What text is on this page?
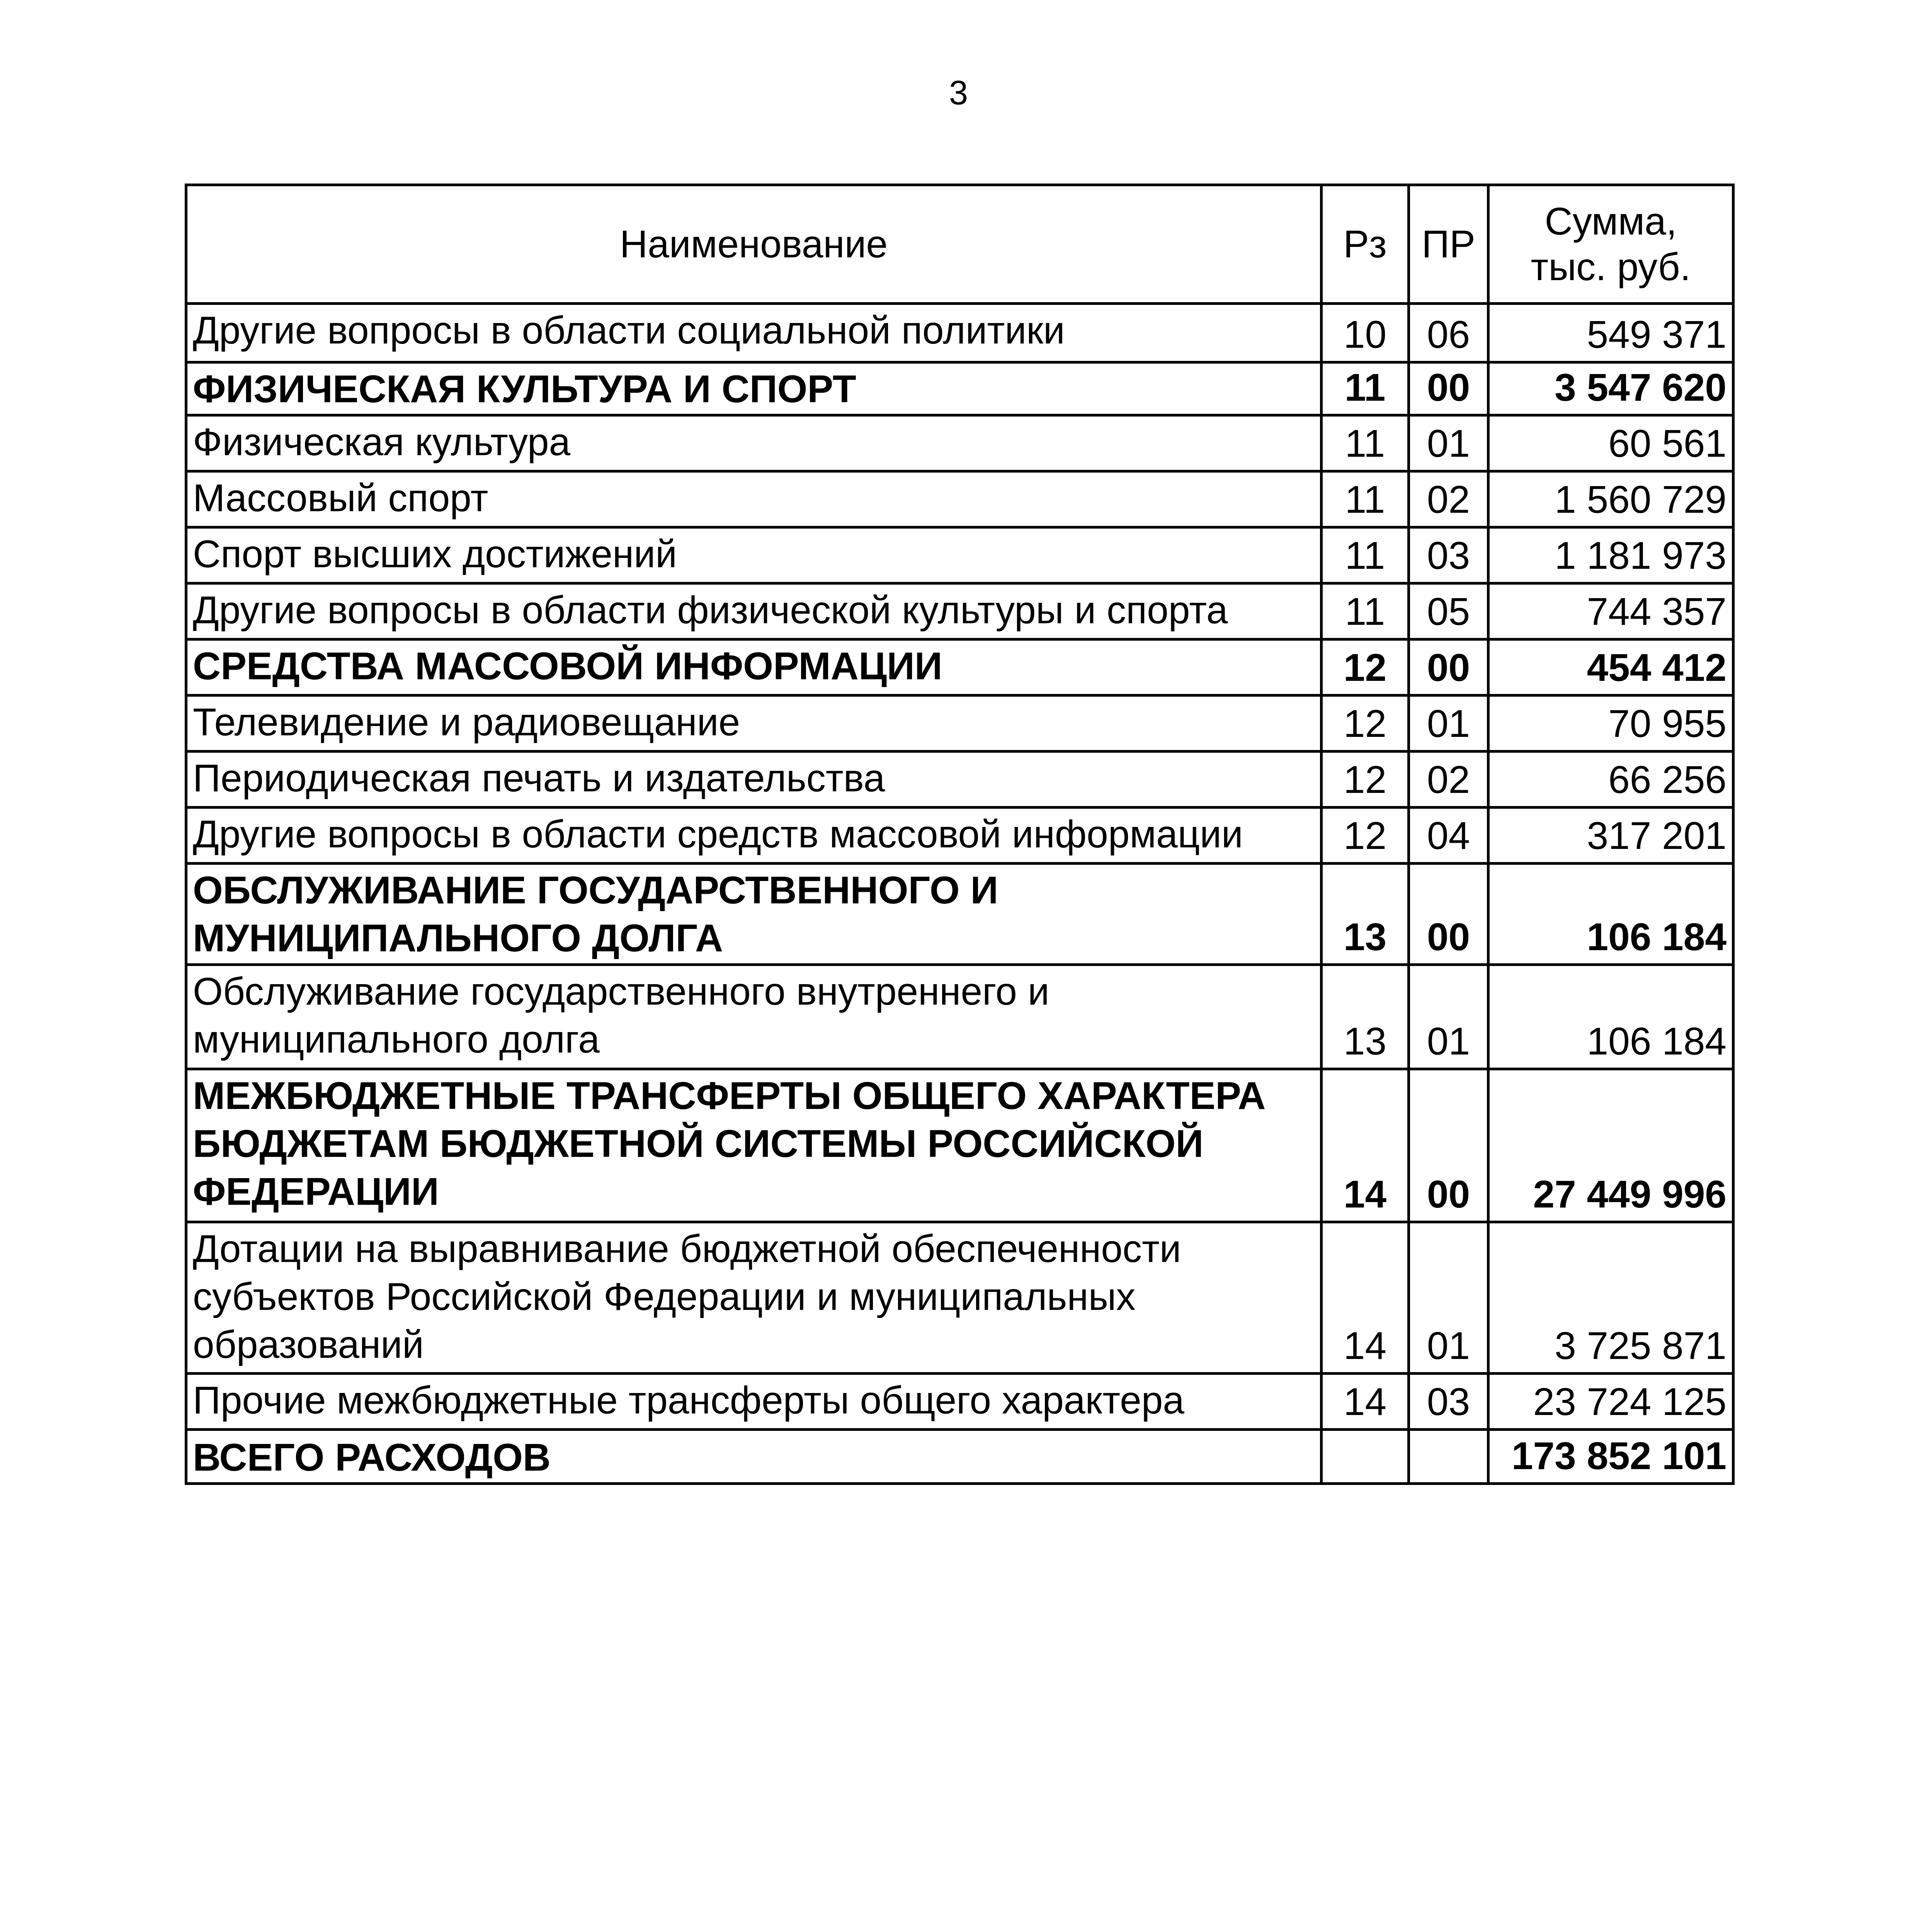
3
Наименование	Рз	ПР	Сумма,
тыс. руб.
Другие вопросы в области социальной политики	10	06	549 371
ФИЗИЧЕСКАЯ КУЛЬТУРА И СПОРТ	11	00	3 547 620
Физическая культура	11	01	60 561
Массовый спорт	11	02	1 560 729
Спорт высших достижений	11	03	1 181 973
Другие вопросы в области физической культуры и спорта	11	05	744 357
СРЕДСТВА МАССОВОЙ ИНФОРМАЦИИ	12	00	454 412
Телевидение и радиовещание	12	01	70 955
Периодическая печать и издательства	12	02	66 256
Другие вопросы в области средств массовой информации	12	04	317 201
ОБСЛУЖИВАНИЕ ГОСУДАРСТВЕННОГО И МУНИЦИПАЛЬНОГО ДОЛГА	13	00	106 184
Обслуживание государственного внутреннего и муниципального долга	13	01	106 184
МЕЖБЮДЖЕТНЫЕ ТРАНСФЕРТЫ ОБЩЕГО ХАРАКТЕРА БЮДЖЕТАМ БЮДЖЕТНОЙ СИСТЕМЫ РОССИЙСКОЙ ФЕДЕРАЦИИ	14	00	27 449 996
Дотации на выравнивание бюджетной обеспеченности субъектов Российской Федерации и муниципальных образований	14	01	3 725 871
Прочие межбюджетные трансферты общего характера	14	03	23 724 125
ВСЕГО РАСХОДОВ			173 852 101
